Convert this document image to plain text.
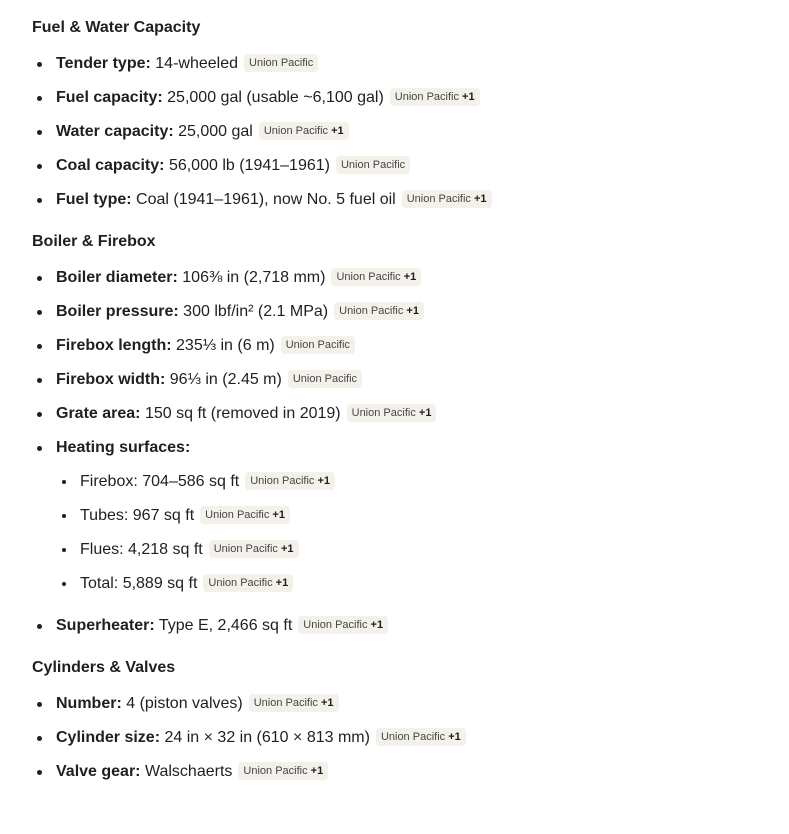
Fuel & Water Capacity
Tender type: 14-wheeled Union Pacific
Fuel capacity: 25,000 gal (usable ~6,100 gal) Union Pacific +1
Water capacity: 25,000 gal Union Pacific +1
Coal capacity: 56,000 lb (1941–1961) Union Pacific
Fuel type: Coal (1941–1961), now No. 5 fuel oil Union Pacific +1
Boiler & Firebox
Boiler diameter: 106⅜ in (2,718 mm) Union Pacific +1
Boiler pressure: 300 lbf/in² (2.1 MPa) Union Pacific +1
Firebox length: 235⅓ in (6 m) Union Pacific
Firebox width: 96⅓ in (2.45 m) Union Pacific
Grate area: 150 sq ft (removed in 2019) Union Pacific +1
Heating surfaces:
Firebox: 704–586 sq ft Union Pacific +1
Tubes: 967 sq ft Union Pacific +1
Flues: 4,218 sq ft Union Pacific +1
Total: 5,889 sq ft Union Pacific +1
Superheater: Type E, 2,466 sq ft Union Pacific +1
Cylinders & Valves
Number: 4 (piston valves) Union Pacific +1
Cylinder size: 24 in × 32 in (610 × 813 mm) Union Pacific +1
Valve gear: Walschaerts Union Pacific +1
